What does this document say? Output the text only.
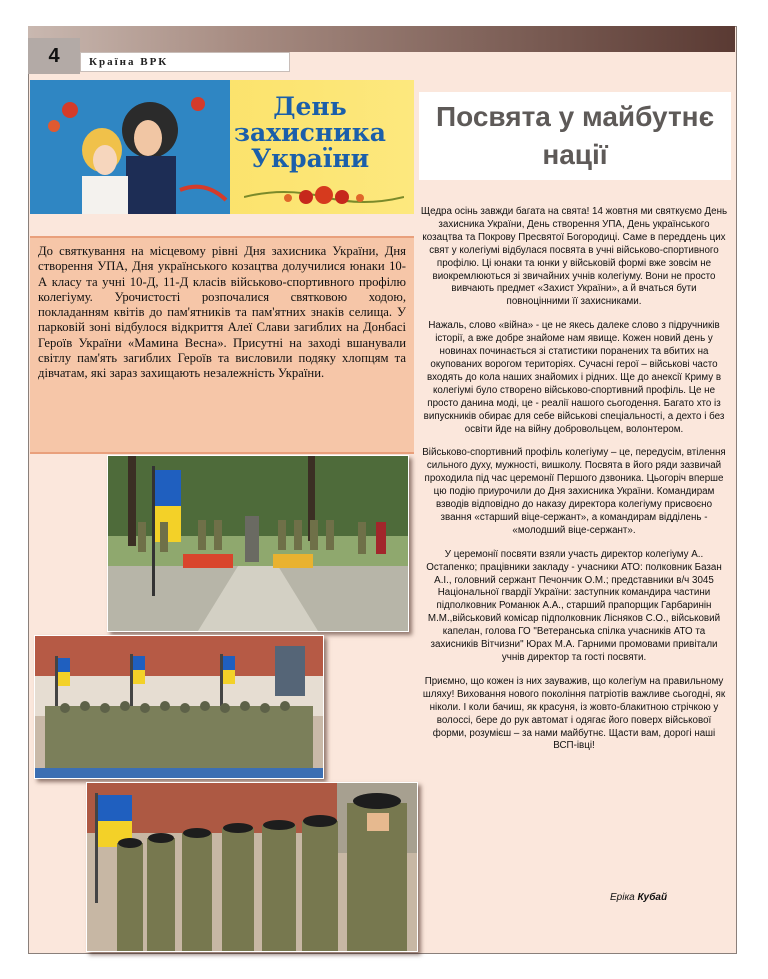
4	Країна ВРК
День
захисника
України

До святкування на місцевому рівні Дня захисника України, Дня створення УПА, Дня українського козацтва долучилися юнаки 10-А класу та учні 10-Д, 11-Д класів військово-спортивного профілю колегіуму. Урочистості розпочалися святковою ходою, покладанням квітів до пам'ятників та пам'ятних знаків селища. У парковій зоні відбулося відкриття Алеї Слави загиблих на Донбасі Героїв України «Мамина Весна». Присутні на заході вшанували світлу пам'ять загиблих Героїв та висловили подяку хлопцям та дівчатам, які зараз захищають незалежність України.

Посвята у майбутнє нації

Щедра осінь завжди багата на свята! 14 жовтня ми святкуємо День захисника України, День створення УПА, День українського козацтва та Покрову Пресвятої Богородиці. Саме в переддень цих свят у колегіумі відбулася посвята в учні військово-спортивного профілю. Ці юнаки та юнки у військовій формі вже зовсім не виокремлюються зі звичайних учнів колегіуму. Вони не просто вивчають предмет «Захист України», а й вчаться бути повноцінними її захисниками.

Нажаль, слово «війна» - це не якесь далеке слово з підручників історії, а вже добре знайоме нам явище. Кожен новий день у новинах починається зі статистики поранених та вбитих на окупованих ворогом територіях. Сучасні герої – військові часто входять до кола наших знайомих і рідних. Ще до анексії Криму в колегіумі було створено військово-спортивний профіль. Це не просто данина моді, це - реалії нашого сьогодення. Багато хто із випускників обирає для себе військові спеціальності, а дехто і без освіти йде на війну добровольцем, волонтером.

Військово-спортивний профіль колегіуму – це, передусім, втілення сильного духу, мужності, вишколу. Посвята в його ряди зазвичай проходила під час церемонії Першого дзвоника. Цьогоріч вперше цю подію приурочили до Дня захисника України. Командирам взводів відповідно до наказу директора колегіуму присвоєно звання «старший віце-сержант», а командирам відділень - «молодший віце-сержант».

У церемонії посвяти взяли участь директор колегіуму А.. Остапенко; працівники закладу - учасники АТО: полковник Базан А.І., головний сержант Печончик О.М.; представники в/ч 3045 Національної гвардії України: заступник командира частини підполковник Романюк А.А., старший прапорщик Гарбаринін М.М.,військовий комісар підполковник Лісняков С.О., військовий капелан, голова ГО "Ветеранська спілка учасників АТО та захисників Вітчизни" Юрах М.А. Гарними промовами привітали учнів директор та гості посвяти.

Приємно, що кожен із них зауважив, що колегіум на правильному шляху! Виховання нового покоління патріотів важливе сьогодні, як ніколи. І коли бачиш, як красуня, із жовто-блакитною стрічкою у волоссі, бере до рук автомат і одягає його поверх військової форми, розумієш – за нами майбутнє. Щасти вам, дорогі наші ВСП-івці!

Еріка Кубай
